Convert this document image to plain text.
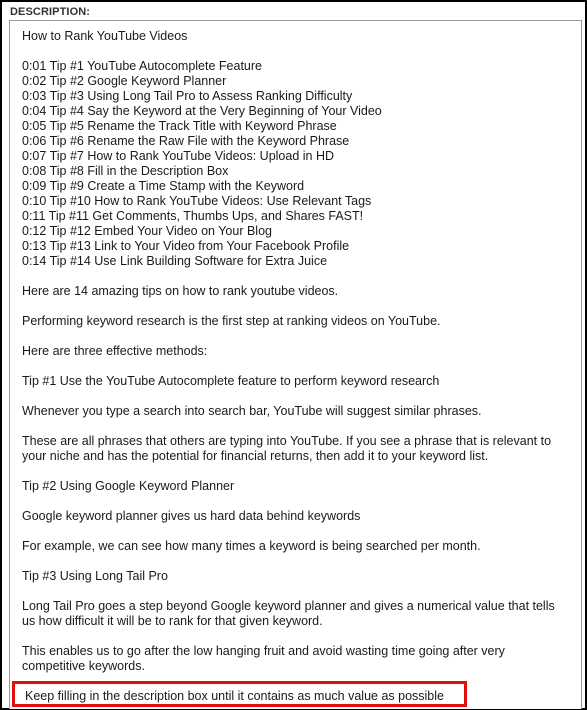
DESCRIPTION:
How to Rank YouTube Videos
0:01 Tip #1 YouTube Autocomplete Feature
0:02 Tip #2 Google Keyword Planner
0:03 Tip #3 Using Long Tail Pro to Assess Ranking Difficulty
0:04 Tip #4 Say the Keyword at the Very Beginning of Your Video
0:05 Tip #5 Rename the Track Title with Keyword Phrase
0:06 Tip #6 Rename the Raw File with the Keyword Phrase
0:07 Tip #7 How to Rank YouTube Videos: Upload in HD
0:08 Tip #8 Fill in the Description Box
0:09 Tip #9 Create a Time Stamp with the Keyword
0:10 Tip #10 How to Rank YouTube Videos: Use Relevant Tags
0:11 Tip #11 Get Comments, Thumbs Ups, and Shares FAST!
0:12 Tip #12 Embed Your Video on Your Blog
0:13 Tip #13 Link to Your Video from Your Facebook Profile
0:14 Tip #14 Use Link Building Software for Extra Juice
Here are 14 amazing tips on how to rank youtube videos.
Performing keyword research is the first step at ranking videos on YouTube.
Here are three effective methods:
Tip #1 Use the YouTube Autocomplete feature to perform keyword research
Whenever you type a search into search bar, YouTube will suggest similar phrases.
These are all phrases that others are typing into YouTube. If you see a phrase that is relevant to your niche and has the potential for financial returns, then add it to your keyword list.
Tip #2 Using Google Keyword Planner
Google keyword planner gives us hard data behind keywords
For example, we can see how many times a keyword is being searched per month.
Tip #3 Using Long Tail Pro
Long Tail Pro goes a step beyond Google keyword planner and gives a numerical value that tells us how difficult it will be to rank for that given keyword.
This enables us to go after the low hanging fruit and avoid wasting time going after very competitive keywords.
Keep filling in the description box until it contains as much value as possible
